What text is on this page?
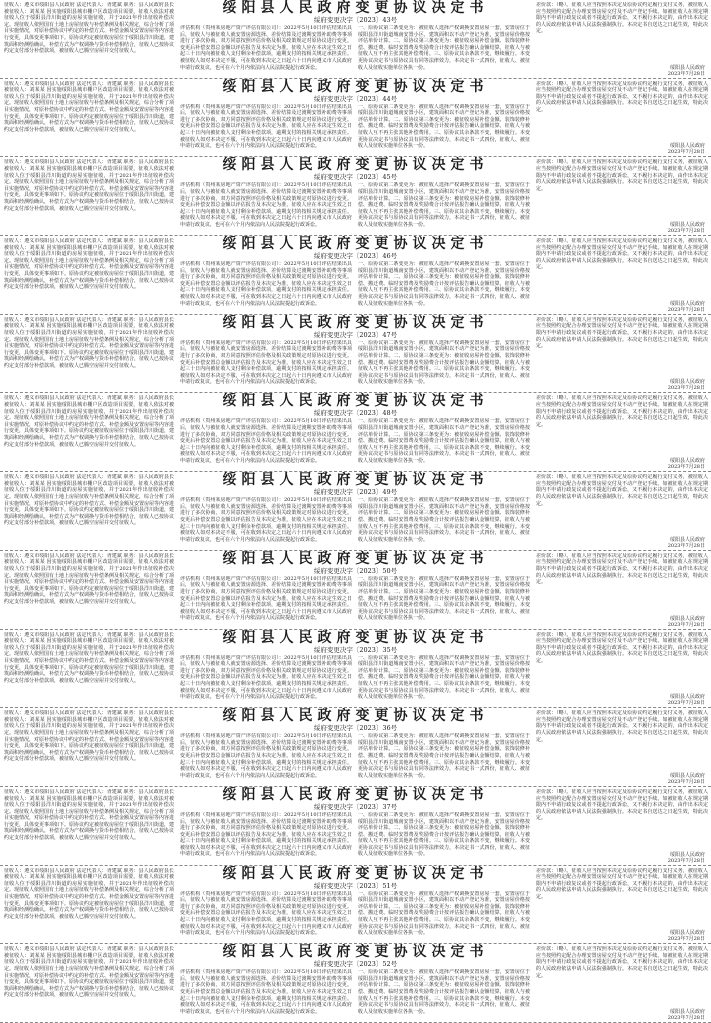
征收人：遵义市绥阳县人民政府 法定代表人：胥建斌 职务：县人民政府县长 被征收人：刘某某 因实施绥阳县城市棚户区改造项目需要，征收人依法对被征收人位于绥阳县洋川街道的房屋实施征收，并于2021年作出征收补偿决定。现征收人依照国有土地上房屋征收与补偿条例及相关规定，综合分析了项目实施情况，对原补偿协议中约定的补偿方式、补偿金额及安置房屋等内容进行变更，具体变更事项如下。原协议约定被征收房屋位于绥阳县洋川街道，建筑面积经测绘确认，补偿方式为产权调换与货币补偿相结合，征收人已按协议约定支付部分补偿款项，被征收人已腾空房屋并交付征收人。
绥阳县人民政府变更协议决定书
绥府变更决字〔2023〕43号
评估机构（贵州某房地产资产评估有限公司）：2022年5月10日评估结果出具后，征收人与被征收人就安置房源选择、差价结算及过渡期安置补助费等事项进行了多次协商，双方同意按照评估价格及相关政策规定对原协议进行变更。变更后补偿安置总金额以评估报告及本决定为准，征收人应在本决定生效之日起三十日内向被征收人支付剩余补偿款项，逾期支付的按相关规定承担责任。被征收人如对本决定不服，可在收到本决定之日起六十日内向遵义市人民政府申请行政复议，也可在六个月内依法向人民法院提起行政诉讼。
一、原协议第二条变更为：被征收人选择产权调换安置房屋一套，安置房位于绥阳县洋川街道城南安置小区，建筑面积以不动产登记为准，安置房屋价格按评估单价计算。二、原协议第三条变更为：被征收房屋补偿金额、装饰装修补偿、搬迁费、临时安置费及奖励费合计按评估报告确认金额结算，征收人与被征收人互不再主张其他补偿费用。三、原协议其余条款不变，继续履行。本变更协议决定书与原协议具有同等法律效力，本决定书一式四份，征收人、被征收人及征收实施单位各执一份。
差价款：（略）。征收人应当按照本决定及原协议约定履行支付义务，被征收人应当按照约定配合办理安置房屋交付及不动产登记手续。如被征收人在规定期限内不申请行政复议或者不提起行政诉讼，又不履行本决定的，由作出本决定的人民政府依法申请人民法院强制执行。本决定书自送达之日起生效，特此决定。
绥阳县人民政府
2023年7月28日
征收人：遵义市绥阳县人民政府 法定代表人：胥建斌 职务：县人民政府县长 被征收人：刘某某 因实施绥阳县城市棚户区改造项目需要，征收人依法对被征收人位于绥阳县洋川街道的房屋实施征收，并于2021年作出征收补偿决定。现征收人依照国有土地上房屋征收与补偿条例及相关规定，综合分析了项目实施情况，对原补偿协议中约定的补偿方式、补偿金额及安置房屋等内容进行变更，具体变更事项如下。原协议约定被征收房屋位于绥阳县洋川街道，建筑面积经测绘确认，补偿方式为产权调换与货币补偿相结合，征收人已按协议约定支付部分补偿款项，被征收人已腾空房屋并交付征收人。
绥阳县人民政府变更协议决定书
绥府变更决字〔2023〕44号
评估机构（贵州某房地产资产评估有限公司）：2022年5月10日评估结果出具后，征收人与被征收人就安置房源选择、差价结算及过渡期安置补助费等事项进行了多次协商，双方同意按照评估价格及相关政策规定对原协议进行变更。变更后补偿安置总金额以评估报告及本决定为准，征收人应在本决定生效之日起三十日内向被征收人支付剩余补偿款项，逾期支付的按相关规定承担责任。被征收人如对本决定不服，可在收到本决定之日起六十日内向遵义市人民政府申请行政复议，也可在六个月内依法向人民法院提起行政诉讼。
一、原协议第二条变更为：被征收人选择产权调换安置房屋一套，安置房位于绥阳县洋川街道城南安置小区，建筑面积以不动产登记为准，安置房屋价格按评估单价计算。二、原协议第三条变更为：被征收房屋补偿金额、装饰装修补偿、搬迁费、临时安置费及奖励费合计按评估报告确认金额结算，征收人与被征收人互不再主张其他补偿费用。三、原协议其余条款不变，继续履行。本变更协议决定书与原协议具有同等法律效力，本决定书一式四份，征收人、被征收人及征收实施单位各执一份。
差价款：（略）。征收人应当按照本决定及原协议约定履行支付义务，被征收人应当按照约定配合办理安置房屋交付及不动产登记手续。如被征收人在规定期限内不申请行政复议或者不提起行政诉讼，又不履行本决定的，由作出本决定的人民政府依法申请人民法院强制执行。本决定书自送达之日起生效，特此决定。
绥阳县人民政府
2023年7月28日
征收人：遵义市绥阳县人民政府 法定代表人：胥建斌 职务：县人民政府县长 被征收人：刘某某 因实施绥阳县城市棚户区改造项目需要，征收人依法对被征收人位于绥阳县洋川街道的房屋实施征收，并于2021年作出征收补偿决定。现征收人依照国有土地上房屋征收与补偿条例及相关规定，综合分析了项目实施情况，对原补偿协议中约定的补偿方式、补偿金额及安置房屋等内容进行变更，具体变更事项如下。原协议约定被征收房屋位于绥阳县洋川街道，建筑面积经测绘确认，补偿方式为产权调换与货币补偿相结合，征收人已按协议约定支付部分补偿款项，被征收人已腾空房屋并交付征收人。
绥阳县人民政府变更协议决定书
绥府变更决字〔2023〕45号
评估机构（贵州某房地产资产评估有限公司）：2022年5月10日评估结果出具后，征收人与被征收人就安置房源选择、差价结算及过渡期安置补助费等事项进行了多次协商，双方同意按照评估价格及相关政策规定对原协议进行变更。变更后补偿安置总金额以评估报告及本决定为准，征收人应在本决定生效之日起三十日内向被征收人支付剩余补偿款项，逾期支付的按相关规定承担责任。被征收人如对本决定不服，可在收到本决定之日起六十日内向遵义市人民政府申请行政复议，也可在六个月内依法向人民法院提起行政诉讼。
一、原协议第二条变更为：被征收人选择产权调换安置房屋一套，安置房位于绥阳县洋川街道城南安置小区，建筑面积以不动产登记为准，安置房屋价格按评估单价计算。二、原协议第三条变更为：被征收房屋补偿金额、装饰装修补偿、搬迁费、临时安置费及奖励费合计按评估报告确认金额结算，征收人与被征收人互不再主张其他补偿费用。三、原协议其余条款不变，继续履行。本变更协议决定书与原协议具有同等法律效力，本决定书一式四份，征收人、被征收人及征收实施单位各执一份。
差价款：（略）。征收人应当按照本决定及原协议约定履行支付义务，被征收人应当按照约定配合办理安置房屋交付及不动产登记手续。如被征收人在规定期限内不申请行政复议或者不提起行政诉讼，又不履行本决定的，由作出本决定的人民政府依法申请人民法院强制执行。本决定书自送达之日起生效，特此决定。
绥阳县人民政府
2023年7月28日
征收人：遵义市绥阳县人民政府 法定代表人：胥建斌 职务：县人民政府县长 被征收人：刘某某 因实施绥阳县城市棚户区改造项目需要，征收人依法对被征收人位于绥阳县洋川街道的房屋实施征收，并于2021年作出征收补偿决定。现征收人依照国有土地上房屋征收与补偿条例及相关规定，综合分析了项目实施情况，对原补偿协议中约定的补偿方式、补偿金额及安置房屋等内容进行变更，具体变更事项如下。原协议约定被征收房屋位于绥阳县洋川街道，建筑面积经测绘确认，补偿方式为产权调换与货币补偿相结合，征收人已按协议约定支付部分补偿款项，被征收人已腾空房屋并交付征收人。
绥阳县人民政府变更协议决定书
绥府变更决字〔2023〕46号
评估机构（贵州某房地产资产评估有限公司）：2022年5月10日评估结果出具后，征收人与被征收人就安置房源选择、差价结算及过渡期安置补助费等事项进行了多次协商，双方同意按照评估价格及相关政策规定对原协议进行变更。变更后补偿安置总金额以评估报告及本决定为准，征收人应在本决定生效之日起三十日内向被征收人支付剩余补偿款项，逾期支付的按相关规定承担责任。被征收人如对本决定不服，可在收到本决定之日起六十日内向遵义市人民政府申请行政复议，也可在六个月内依法向人民法院提起行政诉讼。
一、原协议第二条变更为：被征收人选择产权调换安置房屋一套，安置房位于绥阳县洋川街道城南安置小区，建筑面积以不动产登记为准，安置房屋价格按评估单价计算。二、原协议第三条变更为：被征收房屋补偿金额、装饰装修补偿、搬迁费、临时安置费及奖励费合计按评估报告确认金额结算，征收人与被征收人互不再主张其他补偿费用。三、原协议其余条款不变，继续履行。本变更协议决定书与原协议具有同等法律效力，本决定书一式四份，征收人、被征收人及征收实施单位各执一份。
差价款：（略）。征收人应当按照本决定及原协议约定履行支付义务，被征收人应当按照约定配合办理安置房屋交付及不动产登记手续。如被征收人在规定期限内不申请行政复议或者不提起行政诉讼，又不履行本决定的，由作出本决定的人民政府依法申请人民法院强制执行。本决定书自送达之日起生效，特此决定。
绥阳县人民政府
2023年7月28日
征收人：遵义市绥阳县人民政府 法定代表人：胥建斌 职务：县人民政府县长 被征收人：刘某某 因实施绥阳县城市棚户区改造项目需要，征收人依法对被征收人位于绥阳县洋川街道的房屋实施征收，并于2021年作出征收补偿决定。现征收人依照国有土地上房屋征收与补偿条例及相关规定，综合分析了项目实施情况，对原补偿协议中约定的补偿方式、补偿金额及安置房屋等内容进行变更，具体变更事项如下。原协议约定被征收房屋位于绥阳县洋川街道，建筑面积经测绘确认，补偿方式为产权调换与货币补偿相结合，征收人已按协议约定支付部分补偿款项，被征收人已腾空房屋并交付征收人。
绥阳县人民政府变更协议决定书
绥府变更决字〔2023〕47号
评估机构（贵州某房地产资产评估有限公司）：2022年5月10日评估结果出具后，征收人与被征收人就安置房源选择、差价结算及过渡期安置补助费等事项进行了多次协商，双方同意按照评估价格及相关政策规定对原协议进行变更。变更后补偿安置总金额以评估报告及本决定为准，征收人应在本决定生效之日起三十日内向被征收人支付剩余补偿款项，逾期支付的按相关规定承担责任。被征收人如对本决定不服，可在收到本决定之日起六十日内向遵义市人民政府申请行政复议，也可在六个月内依法向人民法院提起行政诉讼。
一、原协议第二条变更为：被征收人选择产权调换安置房屋一套，安置房位于绥阳县洋川街道城南安置小区，建筑面积以不动产登记为准，安置房屋价格按评估单价计算。二、原协议第三条变更为：被征收房屋补偿金额、装饰装修补偿、搬迁费、临时安置费及奖励费合计按评估报告确认金额结算，征收人与被征收人互不再主张其他补偿费用。三、原协议其余条款不变，继续履行。本变更协议决定书与原协议具有同等法律效力，本决定书一式四份，征收人、被征收人及征收实施单位各执一份。
差价款：（略）。征收人应当按照本决定及原协议约定履行支付义务，被征收人应当按照约定配合办理安置房屋交付及不动产登记手续。如被征收人在规定期限内不申请行政复议或者不提起行政诉讼，又不履行本决定的，由作出本决定的人民政府依法申请人民法院强制执行。本决定书自送达之日起生效，特此决定。
绥阳县人民政府
2023年7月28日
征收人：遵义市绥阳县人民政府 法定代表人：胥建斌 职务：县人民政府县长 被征收人：刘某某 因实施绥阳县城市棚户区改造项目需要，征收人依法对被征收人位于绥阳县洋川街道的房屋实施征收，并于2021年作出征收补偿决定。现征收人依照国有土地上房屋征收与补偿条例及相关规定，综合分析了项目实施情况，对原补偿协议中约定的补偿方式、补偿金额及安置房屋等内容进行变更，具体变更事项如下。原协议约定被征收房屋位于绥阳县洋川街道，建筑面积经测绘确认，补偿方式为产权调换与货币补偿相结合，征收人已按协议约定支付部分补偿款项，被征收人已腾空房屋并交付征收人。
绥阳县人民政府变更协议决定书
绥府变更决字〔2023〕48号
评估机构（贵州某房地产资产评估有限公司）：2022年5月10日评估结果出具后，征收人与被征收人就安置房源选择、差价结算及过渡期安置补助费等事项进行了多次协商，双方同意按照评估价格及相关政策规定对原协议进行变更。变更后补偿安置总金额以评估报告及本决定为准，征收人应在本决定生效之日起三十日内向被征收人支付剩余补偿款项，逾期支付的按相关规定承担责任。被征收人如对本决定不服，可在收到本决定之日起六十日内向遵义市人民政府申请行政复议，也可在六个月内依法向人民法院提起行政诉讼。
一、原协议第二条变更为：被征收人选择产权调换安置房屋一套，安置房位于绥阳县洋川街道城南安置小区，建筑面积以不动产登记为准，安置房屋价格按评估单价计算。二、原协议第三条变更为：被征收房屋补偿金额、装饰装修补偿、搬迁费、临时安置费及奖励费合计按评估报告确认金额结算，征收人与被征收人互不再主张其他补偿费用。三、原协议其余条款不变，继续履行。本变更协议决定书与原协议具有同等法律效力，本决定书一式四份，征收人、被征收人及征收实施单位各执一份。
差价款：（略）。征收人应当按照本决定及原协议约定履行支付义务，被征收人应当按照约定配合办理安置房屋交付及不动产登记手续。如被征收人在规定期限内不申请行政复议或者不提起行政诉讼，又不履行本决定的，由作出本决定的人民政府依法申请人民法院强制执行。本决定书自送达之日起生效，特此决定。
绥阳县人民政府
2023年7月28日
征收人：遵义市绥阳县人民政府 法定代表人：胥建斌 职务：县人民政府县长 被征收人：刘某某 因实施绥阳县城市棚户区改造项目需要，征收人依法对被征收人位于绥阳县洋川街道的房屋实施征收，并于2021年作出征收补偿决定。现征收人依照国有土地上房屋征收与补偿条例及相关规定，综合分析了项目实施情况，对原补偿协议中约定的补偿方式、补偿金额及安置房屋等内容进行变更，具体变更事项如下。原协议约定被征收房屋位于绥阳县洋川街道，建筑面积经测绘确认，补偿方式为产权调换与货币补偿相结合，征收人已按协议约定支付部分补偿款项，被征收人已腾空房屋并交付征收人。
绥阳县人民政府变更协议决定书
绥府变更决字〔2023〕49号
评估机构（贵州某房地产资产评估有限公司）：2022年5月10日评估结果出具后，征收人与被征收人就安置房源选择、差价结算及过渡期安置补助费等事项进行了多次协商，双方同意按照评估价格及相关政策规定对原协议进行变更。变更后补偿安置总金额以评估报告及本决定为准，征收人应在本决定生效之日起三十日内向被征收人支付剩余补偿款项，逾期支付的按相关规定承担责任。被征收人如对本决定不服，可在收到本决定之日起六十日内向遵义市人民政府申请行政复议，也可在六个月内依法向人民法院提起行政诉讼。
一、原协议第二条变更为：被征收人选择产权调换安置房屋一套，安置房位于绥阳县洋川街道城南安置小区，建筑面积以不动产登记为准，安置房屋价格按评估单价计算。二、原协议第三条变更为：被征收房屋补偿金额、装饰装修补偿、搬迁费、临时安置费及奖励费合计按评估报告确认金额结算，征收人与被征收人互不再主张其他补偿费用。三、原协议其余条款不变，继续履行。本变更协议决定书与原协议具有同等法律效力，本决定书一式四份，征收人、被征收人及征收实施单位各执一份。
差价款：（略）。征收人应当按照本决定及原协议约定履行支付义务，被征收人应当按照约定配合办理安置房屋交付及不动产登记手续。如被征收人在规定期限内不申请行政复议或者不提起行政诉讼，又不履行本决定的，由作出本决定的人民政府依法申请人民法院强制执行。本决定书自送达之日起生效，特此决定。
绥阳县人民政府
2023年7月28日
征收人：遵义市绥阳县人民政府 法定代表人：胥建斌 职务：县人民政府县长 被征收人：刘某某 因实施绥阳县城市棚户区改造项目需要，征收人依法对被征收人位于绥阳县洋川街道的房屋实施征收，并于2021年作出征收补偿决定。现征收人依照国有土地上房屋征收与补偿条例及相关规定，综合分析了项目实施情况，对原补偿协议中约定的补偿方式、补偿金额及安置房屋等内容进行变更，具体变更事项如下。原协议约定被征收房屋位于绥阳县洋川街道，建筑面积经测绘确认，补偿方式为产权调换与货币补偿相结合，征收人已按协议约定支付部分补偿款项，被征收人已腾空房屋并交付征收人。
绥阳县人民政府变更协议决定书
绥府变更决字〔2023〕50号
评估机构（贵州某房地产资产评估有限公司）：2022年5月10日评估结果出具后，征收人与被征收人就安置房源选择、差价结算及过渡期安置补助费等事项进行了多次协商，双方同意按照评估价格及相关政策规定对原协议进行变更。变更后补偿安置总金额以评估报告及本决定为准，征收人应在本决定生效之日起三十日内向被征收人支付剩余补偿款项，逾期支付的按相关规定承担责任。被征收人如对本决定不服，可在收到本决定之日起六十日内向遵义市人民政府申请行政复议，也可在六个月内依法向人民法院提起行政诉讼。
一、原协议第二条变更为：被征收人选择产权调换安置房屋一套，安置房位于绥阳县洋川街道城南安置小区，建筑面积以不动产登记为准，安置房屋价格按评估单价计算。二、原协议第三条变更为：被征收房屋补偿金额、装饰装修补偿、搬迁费、临时安置费及奖励费合计按评估报告确认金额结算，征收人与被征收人互不再主张其他补偿费用。三、原协议其余条款不变，继续履行。本变更协议决定书与原协议具有同等法律效力，本决定书一式四份，征收人、被征收人及征收实施单位各执一份。
差价款：（略）。征收人应当按照本决定及原协议约定履行支付义务，被征收人应当按照约定配合办理安置房屋交付及不动产登记手续。如被征收人在规定期限内不申请行政复议或者不提起行政诉讼，又不履行本决定的，由作出本决定的人民政府依法申请人民法院强制执行。本决定书自送达之日起生效，特此决定。
绥阳县人民政府
2023年7月28日
征收人：遵义市绥阳县人民政府 法定代表人：胥建斌 职务：县人民政府县长 被征收人：刘某某 因实施绥阳县城市棚户区改造项目需要，征收人依法对被征收人位于绥阳县洋川街道的房屋实施征收，并于2021年作出征收补偿决定。现征收人依照国有土地上房屋征收与补偿条例及相关规定，综合分析了项目实施情况，对原补偿协议中约定的补偿方式、补偿金额及安置房屋等内容进行变更，具体变更事项如下。原协议约定被征收房屋位于绥阳县洋川街道，建筑面积经测绘确认，补偿方式为产权调换与货币补偿相结合，征收人已按协议约定支付部分补偿款项，被征收人已腾空房屋并交付征收人。
绥阳县人民政府变更协议决定书
绥府变更决字〔2023〕35号
评估机构（贵州某房地产资产评估有限公司）：2022年5月10日评估结果出具后，征收人与被征收人就安置房源选择、差价结算及过渡期安置补助费等事项进行了多次协商，双方同意按照评估价格及相关政策规定对原协议进行变更。变更后补偿安置总金额以评估报告及本决定为准，征收人应在本决定生效之日起三十日内向被征收人支付剩余补偿款项，逾期支付的按相关规定承担责任。被征收人如对本决定不服，可在收到本决定之日起六十日内向遵义市人民政府申请行政复议，也可在六个月内依法向人民法院提起行政诉讼。
一、原协议第二条变更为：被征收人选择产权调换安置房屋一套，安置房位于绥阳县洋川街道城南安置小区，建筑面积以不动产登记为准，安置房屋价格按评估单价计算。二、原协议第三条变更为：被征收房屋补偿金额、装饰装修补偿、搬迁费、临时安置费及奖励费合计按评估报告确认金额结算，征收人与被征收人互不再主张其他补偿费用。三、原协议其余条款不变，继续履行。本变更协议决定书与原协议具有同等法律效力，本决定书一式四份，征收人、被征收人及征收实施单位各执一份。
差价款：（略）。征收人应当按照本决定及原协议约定履行支付义务，被征收人应当按照约定配合办理安置房屋交付及不动产登记手续。如被征收人在规定期限内不申请行政复议或者不提起行政诉讼，又不履行本决定的，由作出本决定的人民政府依法申请人民法院强制执行。本决定书自送达之日起生效，特此决定。
绥阳县人民政府
2023年7月28日
征收人：遵义市绥阳县人民政府 法定代表人：胥建斌 职务：县人民政府县长 被征收人：刘某某 因实施绥阳县城市棚户区改造项目需要，征收人依法对被征收人位于绥阳县洋川街道的房屋实施征收，并于2021年作出征收补偿决定。现征收人依照国有土地上房屋征收与补偿条例及相关规定，综合分析了项目实施情况，对原补偿协议中约定的补偿方式、补偿金额及安置房屋等内容进行变更，具体变更事项如下。原协议约定被征收房屋位于绥阳县洋川街道，建筑面积经测绘确认，补偿方式为产权调换与货币补偿相结合，征收人已按协议约定支付部分补偿款项，被征收人已腾空房屋并交付征收人。
绥阳县人民政府变更协议决定书
绥府变更决字〔2023〕36号
评估机构（贵州某房地产资产评估有限公司）：2022年5月10日评估结果出具后，征收人与被征收人就安置房源选择、差价结算及过渡期安置补助费等事项进行了多次协商，双方同意按照评估价格及相关政策规定对原协议进行变更。变更后补偿安置总金额以评估报告及本决定为准，征收人应在本决定生效之日起三十日内向被征收人支付剩余补偿款项，逾期支付的按相关规定承担责任。被征收人如对本决定不服，可在收到本决定之日起六十日内向遵义市人民政府申请行政复议，也可在六个月内依法向人民法院提起行政诉讼。
一、原协议第二条变更为：被征收人选择产权调换安置房屋一套，安置房位于绥阳县洋川街道城南安置小区，建筑面积以不动产登记为准，安置房屋价格按评估单价计算。二、原协议第三条变更为：被征收房屋补偿金额、装饰装修补偿、搬迁费、临时安置费及奖励费合计按评估报告确认金额结算，征收人与被征收人互不再主张其他补偿费用。三、原协议其余条款不变，继续履行。本变更协议决定书与原协议具有同等法律效力，本决定书一式四份，征收人、被征收人及征收实施单位各执一份。
差价款：（略）。征收人应当按照本决定及原协议约定履行支付义务，被征收人应当按照约定配合办理安置房屋交付及不动产登记手续。如被征收人在规定期限内不申请行政复议或者不提起行政诉讼，又不履行本决定的，由作出本决定的人民政府依法申请人民法院强制执行。本决定书自送达之日起生效，特此决定。
绥阳县人民政府
2023年7月28日
征收人：遵义市绥阳县人民政府 法定代表人：胥建斌 职务：县人民政府县长 被征收人：刘某某 因实施绥阳县城市棚户区改造项目需要，征收人依法对被征收人位于绥阳县洋川街道的房屋实施征收，并于2021年作出征收补偿决定。现征收人依照国有土地上房屋征收与补偿条例及相关规定，综合分析了项目实施情况，对原补偿协议中约定的补偿方式、补偿金额及安置房屋等内容进行变更，具体变更事项如下。原协议约定被征收房屋位于绥阳县洋川街道，建筑面积经测绘确认，补偿方式为产权调换与货币补偿相结合，征收人已按协议约定支付部分补偿款项，被征收人已腾空房屋并交付征收人。
绥阳县人民政府变更协议决定书
绥府变更决字〔2023〕37号
评估机构（贵州某房地产资产评估有限公司）：2022年5月10日评估结果出具后，征收人与被征收人就安置房源选择、差价结算及过渡期安置补助费等事项进行了多次协商，双方同意按照评估价格及相关政策规定对原协议进行变更。变更后补偿安置总金额以评估报告及本决定为准，征收人应在本决定生效之日起三十日内向被征收人支付剩余补偿款项，逾期支付的按相关规定承担责任。被征收人如对本决定不服，可在收到本决定之日起六十日内向遵义市人民政府申请行政复议，也可在六个月内依法向人民法院提起行政诉讼。
一、原协议第二条变更为：被征收人选择产权调换安置房屋一套，安置房位于绥阳县洋川街道城南安置小区，建筑面积以不动产登记为准，安置房屋价格按评估单价计算。二、原协议第三条变更为：被征收房屋补偿金额、装饰装修补偿、搬迁费、临时安置费及奖励费合计按评估报告确认金额结算，征收人与被征收人互不再主张其他补偿费用。三、原协议其余条款不变，继续履行。本变更协议决定书与原协议具有同等法律效力，本决定书一式四份，征收人、被征收人及征收实施单位各执一份。
差价款：（略）。征收人应当按照本决定及原协议约定履行支付义务，被征收人应当按照约定配合办理安置房屋交付及不动产登记手续。如被征收人在规定期限内不申请行政复议或者不提起行政诉讼，又不履行本决定的，由作出本决定的人民政府依法申请人民法院强制执行。本决定书自送达之日起生效，特此决定。
绥阳县人民政府
2023年7月28日
征收人：遵义市绥阳县人民政府 法定代表人：胥建斌 职务：县人民政府县长 被征收人：刘某某 因实施绥阳县城市棚户区改造项目需要，征收人依法对被征收人位于绥阳县洋川街道的房屋实施征收，并于2021年作出征收补偿决定。现征收人依照国有土地上房屋征收与补偿条例及相关规定，综合分析了项目实施情况，对原补偿协议中约定的补偿方式、补偿金额及安置房屋等内容进行变更，具体变更事项如下。原协议约定被征收房屋位于绥阳县洋川街道，建筑面积经测绘确认，补偿方式为产权调换与货币补偿相结合，征收人已按协议约定支付部分补偿款项，被征收人已腾空房屋并交付征收人。
绥阳县人民政府变更协议决定书
绥府变更决字〔2023〕51号
评估机构（贵州某房地产资产评估有限公司）：2022年5月10日评估结果出具后，征收人与被征收人就安置房源选择、差价结算及过渡期安置补助费等事项进行了多次协商，双方同意按照评估价格及相关政策规定对原协议进行变更。变更后补偿安置总金额以评估报告及本决定为准，征收人应在本决定生效之日起三十日内向被征收人支付剩余补偿款项，逾期支付的按相关规定承担责任。被征收人如对本决定不服，可在收到本决定之日起六十日内向遵义市人民政府申请行政复议，也可在六个月内依法向人民法院提起行政诉讼。
一、原协议第二条变更为：被征收人选择产权调换安置房屋一套，安置房位于绥阳县洋川街道城南安置小区，建筑面积以不动产登记为准，安置房屋价格按评估单价计算。二、原协议第三条变更为：被征收房屋补偿金额、装饰装修补偿、搬迁费、临时安置费及奖励费合计按评估报告确认金额结算，征收人与被征收人互不再主张其他补偿费用。三、原协议其余条款不变，继续履行。本变更协议决定书与原协议具有同等法律效力，本决定书一式四份，征收人、被征收人及征收实施单位各执一份。
差价款：（略）。征收人应当按照本决定及原协议约定履行支付义务，被征收人应当按照约定配合办理安置房屋交付及不动产登记手续。如被征收人在规定期限内不申请行政复议或者不提起行政诉讼，又不履行本决定的，由作出本决定的人民政府依法申请人民法院强制执行。本决定书自送达之日起生效，特此决定。
绥阳县人民政府
2023年7月28日
征收人：遵义市绥阳县人民政府 法定代表人：胥建斌 职务：县人民政府县长 被征收人：刘某某 因实施绥阳县城市棚户区改造项目需要，征收人依法对被征收人位于绥阳县洋川街道的房屋实施征收，并于2021年作出征收补偿决定。现征收人依照国有土地上房屋征收与补偿条例及相关规定，综合分析了项目实施情况，对原补偿协议中约定的补偿方式、补偿金额及安置房屋等内容进行变更，具体变更事项如下。原协议约定被征收房屋位于绥阳县洋川街道，建筑面积经测绘确认，补偿方式为产权调换与货币补偿相结合，征收人已按协议约定支付部分补偿款项，被征收人已腾空房屋并交付征收人。
绥阳县人民政府变更协议决定书
绥府变更决字〔2023〕52号
评估机构（贵州某房地产资产评估有限公司）：2022年5月10日评估结果出具后，征收人与被征收人就安置房源选择、差价结算及过渡期安置补助费等事项进行了多次协商，双方同意按照评估价格及相关政策规定对原协议进行变更。变更后补偿安置总金额以评估报告及本决定为准，征收人应在本决定生效之日起三十日内向被征收人支付剩余补偿款项，逾期支付的按相关规定承担责任。被征收人如对本决定不服，可在收到本决定之日起六十日内向遵义市人民政府申请行政复议，也可在六个月内依法向人民法院提起行政诉讼。
一、原协议第二条变更为：被征收人选择产权调换安置房屋一套，安置房位于绥阳县洋川街道城南安置小区，建筑面积以不动产登记为准，安置房屋价格按评估单价计算。二、原协议第三条变更为：被征收房屋补偿金额、装饰装修补偿、搬迁费、临时安置费及奖励费合计按评估报告确认金额结算，征收人与被征收人互不再主张其他补偿费用。三、原协议其余条款不变，继续履行。本变更协议决定书与原协议具有同等法律效力，本决定书一式四份，征收人、被征收人及征收实施单位各执一份。
差价款：（略）。征收人应当按照本决定及原协议约定履行支付义务，被征收人应当按照约定配合办理安置房屋交付及不动产登记手续。如被征收人在规定期限内不申请行政复议或者不提起行政诉讼，又不履行本决定的，由作出本决定的人民政府依法申请人民法院强制执行。本决定书自送达之日起生效，特此决定。
绥阳县人民政府
2023年7月28日
